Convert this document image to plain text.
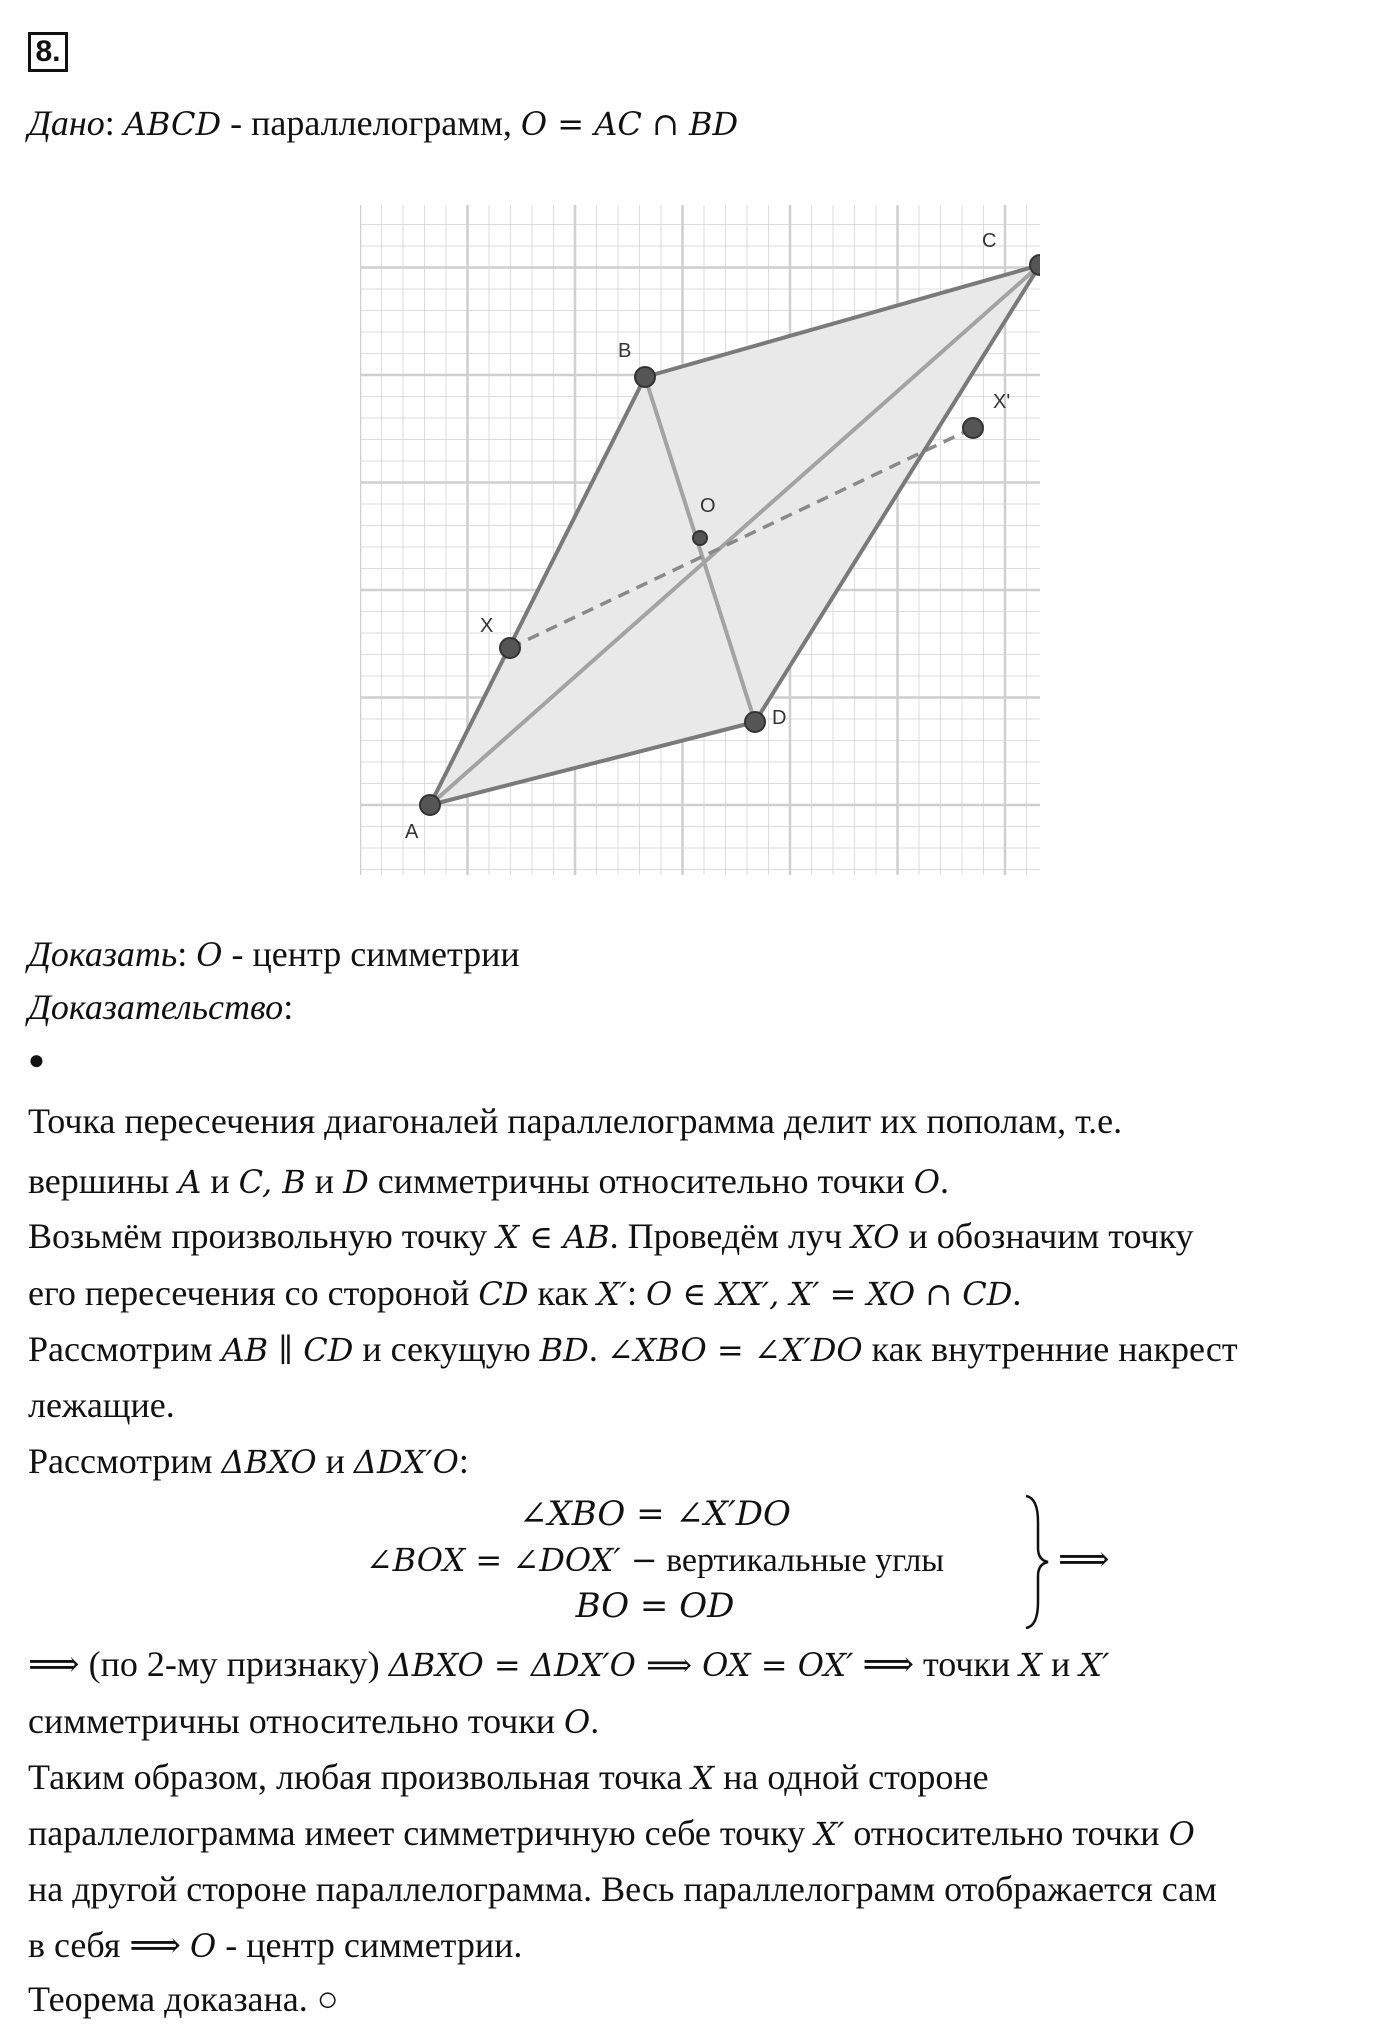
8.
Дано: ABCD - параллелограмм, O = AC ∩ BD
A
B
C
D
O
X
X'
Доказать: O - центр симметрии
Доказательство:
●
Точка пересечения диагоналей параллелограмма делит их пополам, т.е.
вершины A и C, B и D симметричны относительно точки O.
Возьмём произвольную точку X ∈ AB. Проведём луч XO и обозначим точку
его пересечения со стороной CD как X′: O ∈ XX′, X′ = XO ∩ CD.
Рассмотрим AB ∥ CD и секущую BD. ∠XBO = ∠X′DO как внутренние накрест
лежащие.
Рассмотрим ΔBXO и ΔDX′O:
∠XBO = ∠X′DO
∠BOX = ∠DOX′ − вертикальные углы
BO = OD
⟹
⟹ (по 2-му признаку) ΔBXO = ΔDX′O ⟹ OX = OX′ ⟹ точки X и X′
симметричны относительно точки O.
Таким образом, любая произвольная точка X на одной стороне
параллелограмма имеет симметричную себе точку X′ относительно точки O
на другой стороне параллелограмма. Весь параллелограмм отображается сам
в себя ⟹ O - центр симметрии.
Теорема доказана. ○
